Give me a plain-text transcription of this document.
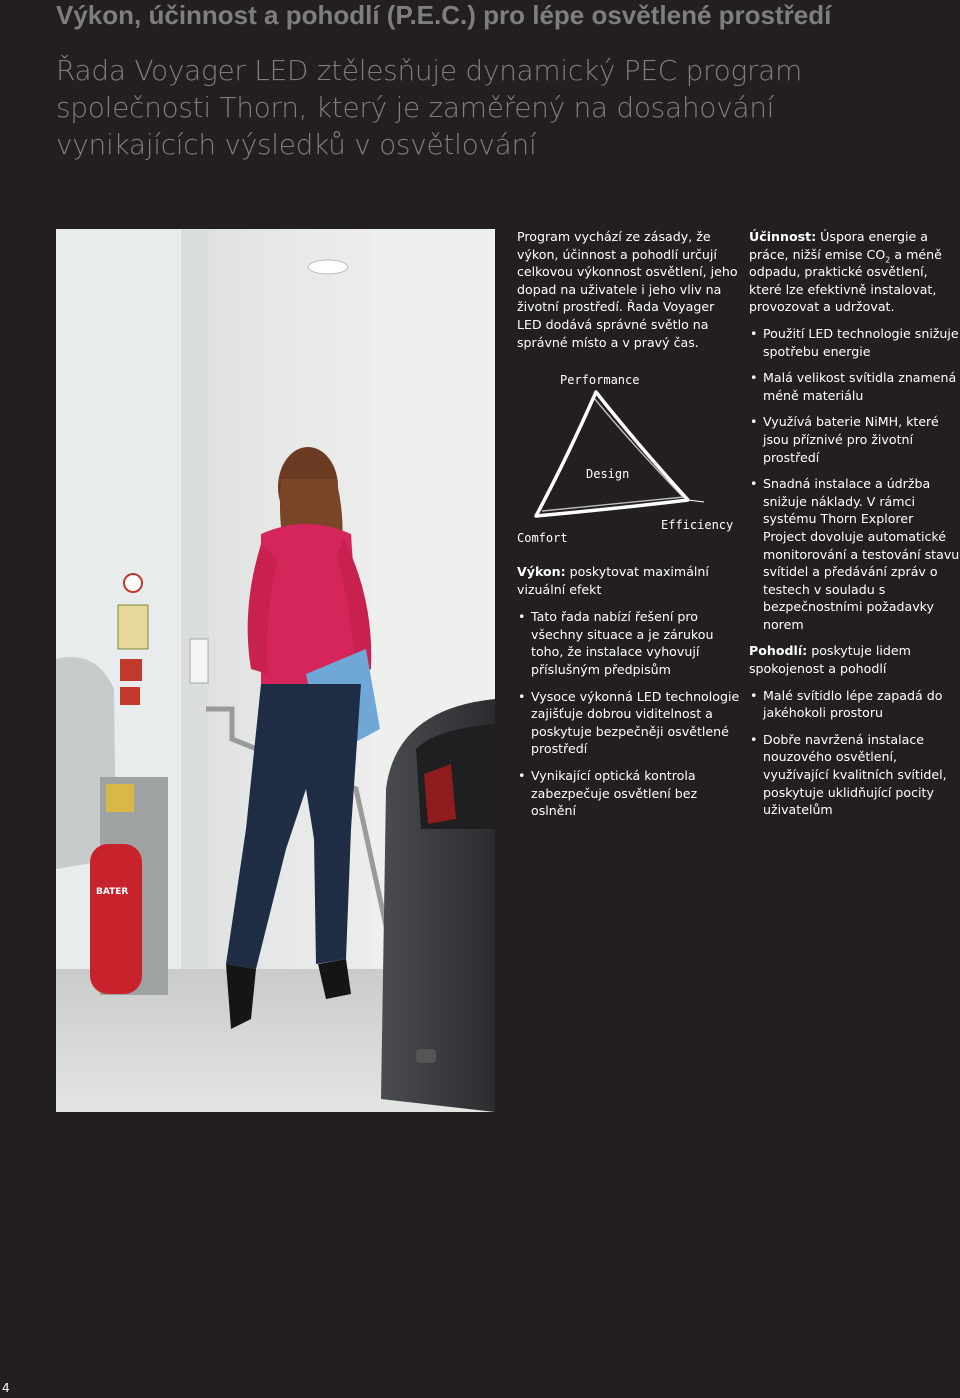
Výkon, účinnost a pohodlí (P.E.C.) pro lépe osvětlené prostředí

Řada Voyager LED ztělesňuje dynamický PEC program společnosti Thorn, který je zaměřený na dosahování vynikajících výsledků v osvětlování

BATER

Program vychází ze zásady, že výkon, účinnost a pohodlí určují celkovou výkonnost osvětlení, jeho dopad na uživatele i jeho vliv na životní prostředí. Řada Voyager LED dodává správné světlo na správné místo a v pravý čas.

Performance
Design
Efficiency
Comfort

Výkon: poskytovat maximální vizuální efekt

• Tato řada nabízí řešení pro všechny situace a je zárukou toho, že instalace vyhovují příslušným předpisům
• Vysoce výkonná LED technologie zajišťuje dobrou viditelnost a poskytuje bezpečněji osvětlené prostředí
• Vynikající optická kontrola zabezpečuje osvětlení bez oslnění

Účinnost: Úspora energie a práce, nižší emise $CO_2$ a méně odpadu, praktické osvětlení, které lze efektivně instalovat, provozovat a udržovat.

• Použití LED technologie snižuje spotřebu energie
• Malá velikost svítidla znamená méně materiálu
• Využívá baterie NiMH, které jsou příznivé pro životní prostředí
• Snadná instalace a údržba snižuje náklady. V rámci systému Thorn Explorer Project dovoluje automatické monitorování a testování stavu svítidel a předávání zpráv o testech v souladu s bezpečnostními požadavky norem

Pohodlí: poskytuje lidem spokojenost a pohodlí

• Malé svítidlo lépe zapadá do jakéhokoli prostoru
• Dobře navržená instalace nouzového osvětlení, využívající kvalitních svítidel, poskytuje uklidňující pocity uživatelům
4
